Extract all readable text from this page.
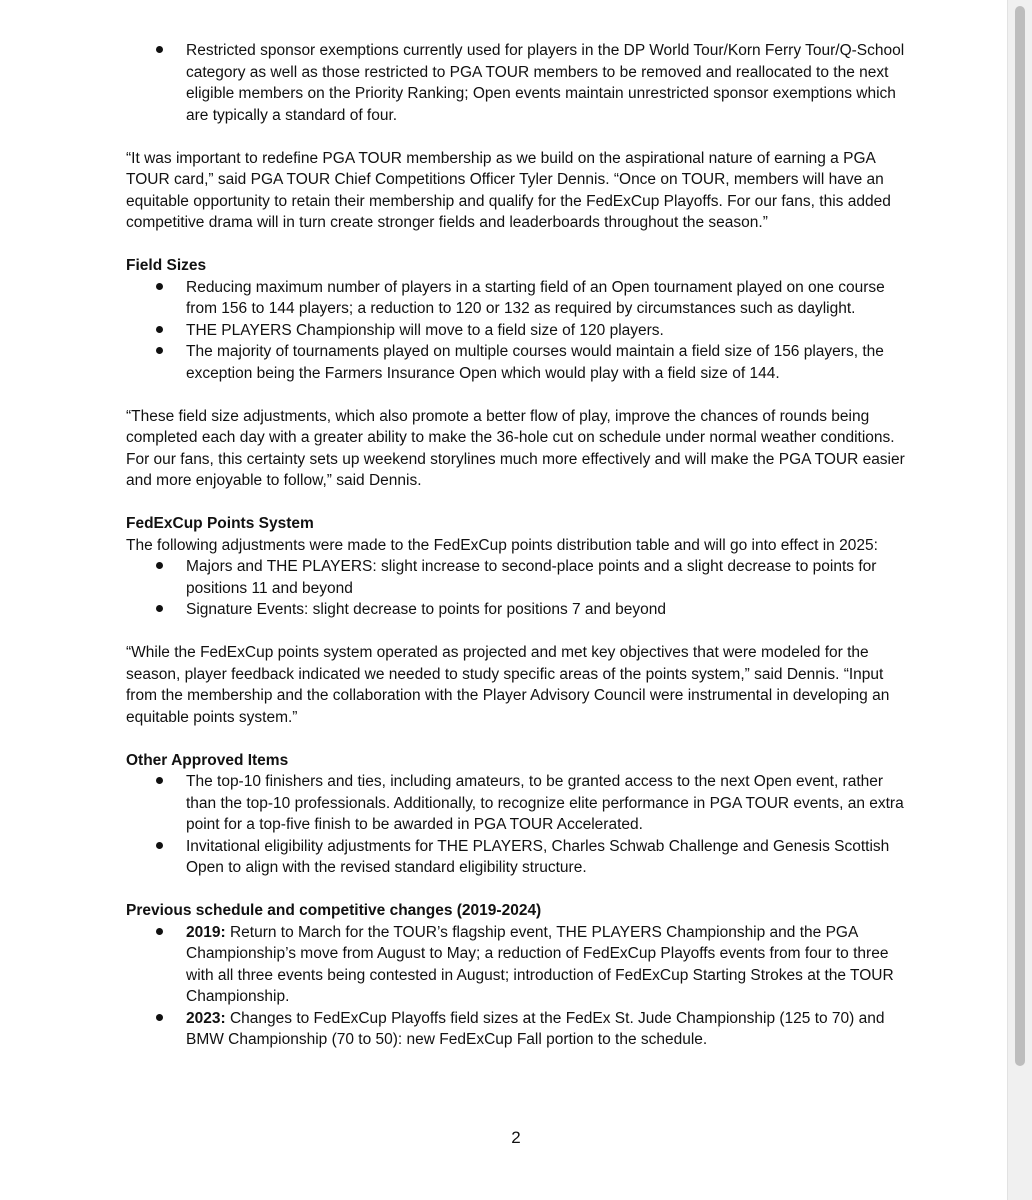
Restricted sponsor exemptions currently used for players in the DP World Tour/Korn Ferry Tour/Q-School category as well as those restricted to PGA TOUR members to be removed and reallocated to the next eligible members on the Priority Ranking; Open events maintain unrestricted sponsor exemptions which are typically a standard of four.

“It was important to redefine PGA TOUR membership as we build on the aspirational nature of earning a PGA TOUR card,” said PGA TOUR Chief Competitions Officer Tyler Dennis. “Once on TOUR, members will have an equitable opportunity to retain their membership and qualify for the FedExCup Playoffs. For our fans, this added competitive drama will in turn create stronger fields and leaderboards throughout the season.”

Field Sizes

Reducing maximum number of players in a starting field of an Open tournament played on one course from 156 to 144 players; a reduction to 120 or 132 as required by circumstances such as daylight.
THE PLAYERS Championship will move to a field size of 120 players.
The majority of tournaments played on multiple courses would maintain a field size of 156 players, the exception being the Farmers Insurance Open which would play with a field size of 144.

“These field size adjustments, which also promote a better flow of play, improve the chances of rounds being completed each day with a greater ability to make the 36-hole cut on schedule under normal weather conditions. For our fans, this certainty sets up weekend storylines much more effectively and will make the PGA TOUR easier and more enjoyable to follow,” said Dennis.

FedExCup Points System

The following adjustments were made to the FedExCup points distribution table and will go into effect in 2025:

Majors and THE PLAYERS: slight increase to second-place points and a slight decrease to points for positions 11 and beyond
Signature Events: slight decrease to points for positions 7 and beyond

“While the FedExCup points system operated as projected and met key objectives that were modeled for the season, player feedback indicated we needed to study specific areas of the points system,” said Dennis. “Input from the membership and the collaboration with the Player Advisory Council were instrumental in developing an equitable points system.”

Other Approved Items

The top-10 finishers and ties, including amateurs, to be granted access to the next Open event, rather than the top-10 professionals. Additionally, to recognize elite performance in PGA TOUR events, an extra point for a top-five finish to be awarded in PGA TOUR Accelerated.
Invitational eligibility adjustments for THE PLAYERS, Charles Schwab Challenge and Genesis Scottish Open to align with the revised standard eligibility structure.

Previous schedule and competitive changes (2019-2024)

2019: Return to March for the TOUR’s flagship event, THE PLAYERS Championship and the PGA Championship’s move from August to May; a reduction of FedExCup Playoffs events from four to three with all three events being contested in August; introduction of FedExCup Starting Strokes at the TOUR Championship.
2023: Changes to FedExCup Playoffs field sizes at the FedEx St. Jude Championship (125 to 70) and BMW Championship (70 to 50): new FedExCup Fall portion to the schedule.
2
